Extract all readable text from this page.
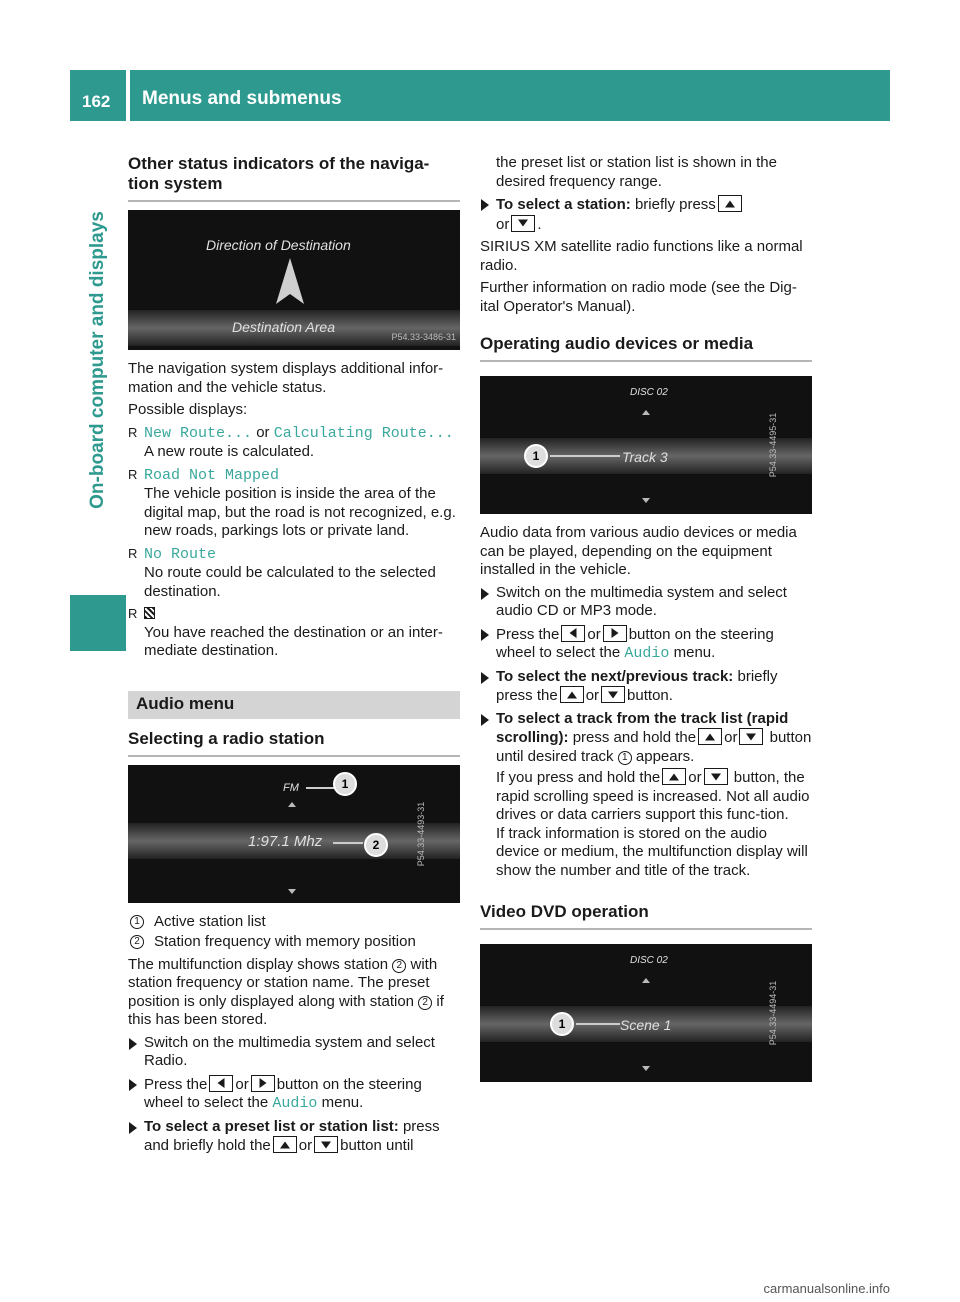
162	Menus and submenus
On-board computer and displays
Other status indicators of the naviga-tion system
Direction of Destination
Destination Area
P54.33-3486-31

The navigation system displays additional infor-mation and the vehicle status.

Possible displays:

R New Route... or Calculating Route...
A new route is calculated.
R Road Not Mapped
The vehicle position is inside the area of the digital map, but the road is not recognized, e.g. new roads, parkings lots or private land.
R No Route
No route could be calculated to the selected destination.
R
You have reached the destination or an inter-mediate destination.
Audio menu
Selecting a radio station
FM	1
1:97.1 Mhz	2	P54.33-4493-31
1 Active station list
2 Station frequency with memory position

The multifunction display shows station 2 with station frequency or station name. The preset position is only displayed along with station 2 if this has been stored.

Switch on the multimedia system and select Radio.
Press the or button on the steering wheel to select the Audio menu.
To select a preset list or station list: press and briefly hold the or button until

the preset list or station list is shown in the desired frequency range.

To select a station: briefly press
or .

SIRIUS XM satellite radio functions like a normal radio.

Further information on radio mode (see the Dig-ital Operator's Manual).

Operating audio devices or media
DISC 02
1	Track 3	P54.33-4495-31

Audio data from various audio devices or media can be played, depending on the equipment installed in the vehicle.

Switch on the multimedia system and select audio CD or MP3 mode.
Press the or button on the steering wheel to select the Audio menu.
To select the next/previous track: briefly press the or button.
To select a track from the track list (rapid scrolling): press and hold the or button until desired track 1 appears.
If you press and hold the or button, the rapid scrolling speed is increased. Not all audio drives or data carriers support this func-tion.
If track information is stored on the audio device or medium, the multifunction display will show the number and title of the track.
Video DVD operation
DISC 02
1	Scene 1	P54.33-4494-31
carmanualsonline.info
